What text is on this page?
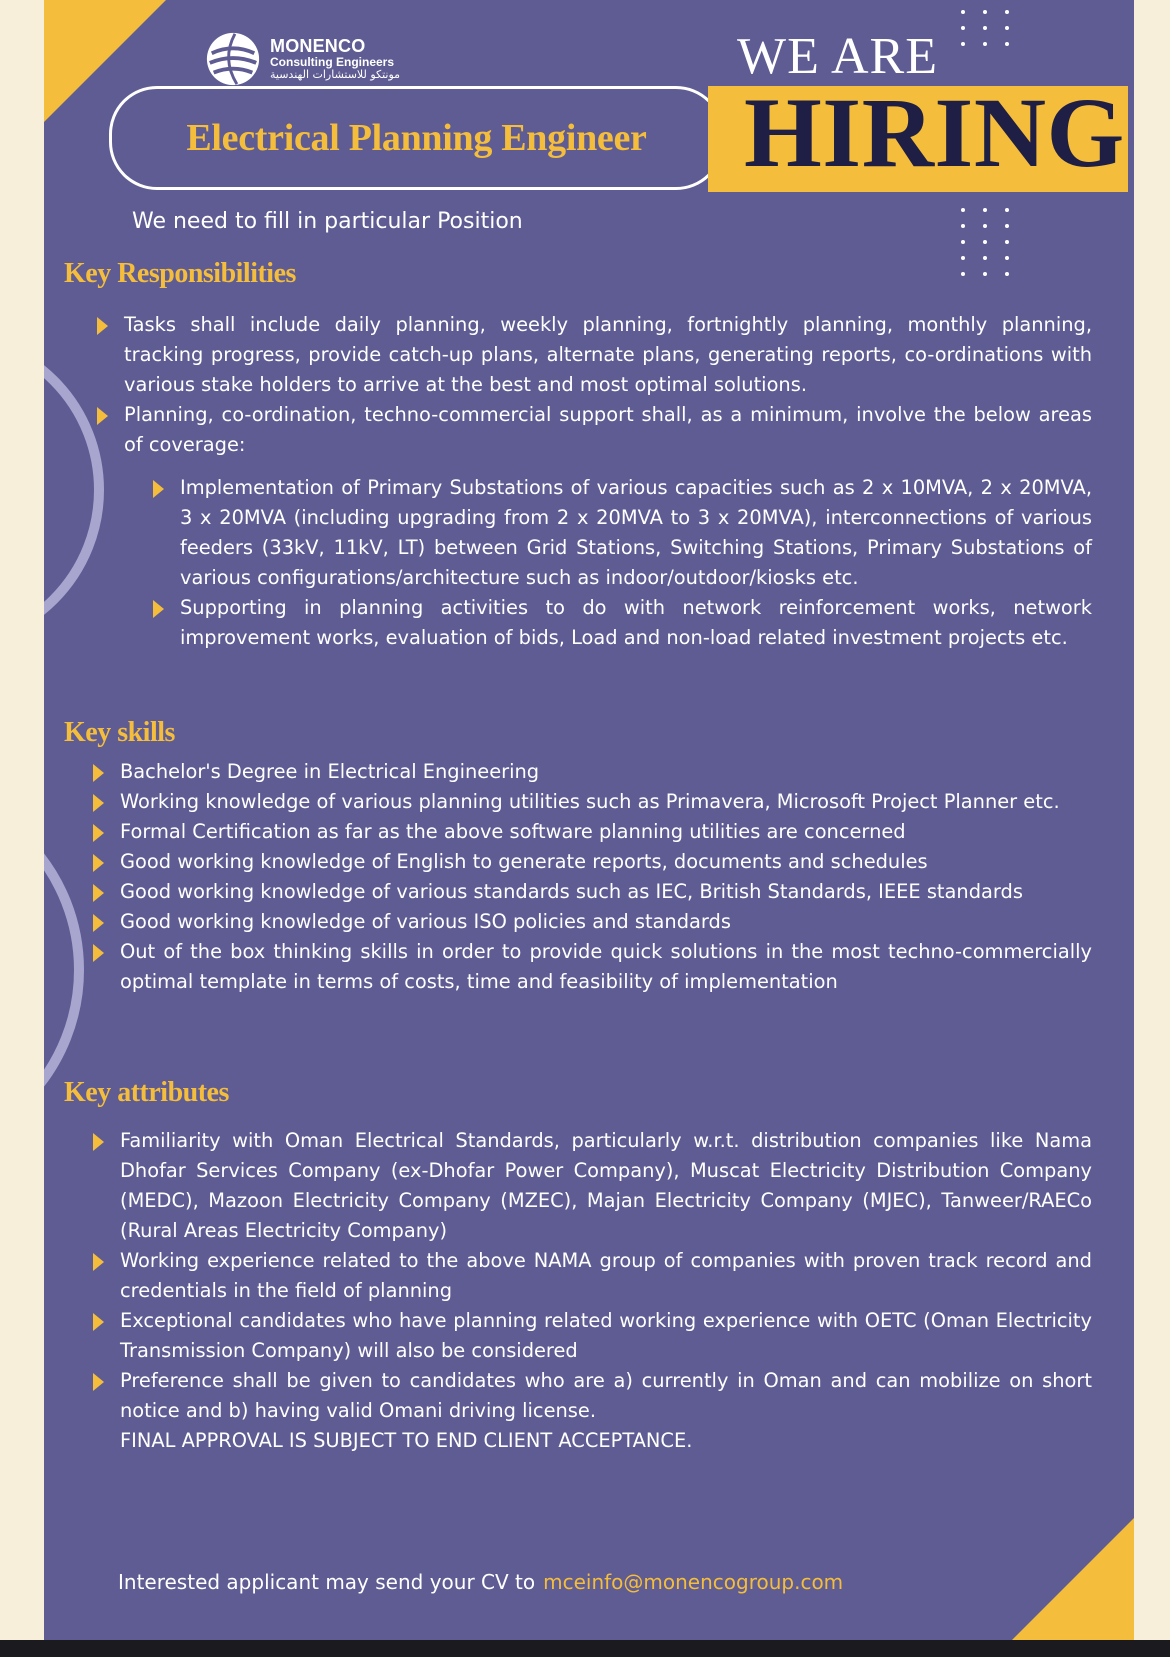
MONENCO
Consulting Engineers
مونتكو للاستشارات الهندسية
Electrical Planning Engineer
WE ARE
HIRING
We need to fill in particular Position
Key Responsibilities
Tasks shall include daily planning, weekly planning, fortnightly planning, monthly planning, tracking progress, provide catch-up plans, alternate plans, generating reports, co-ordinations with various stake holders to arrive at the best and most optimal solutions.
Planning, co-ordination, techno-commercial support shall, as a minimum, involve the below areas of coverage:
Implementation of Primary Substations of various capacities such as 2 x 10MVA, 2 x 20MVA, 3 x 20MVA (including upgrading from 2 x 20MVA to 3 x 20MVA), interconnections of various feeders (33kV, 11kV, LT) between Grid Stations, Switching Stations, Primary Substations of various configurations/architecture such as indoor/outdoor/kiosks etc.
Supporting in planning activities to do with network reinforcement works, network improvement works, evaluation of bids, Load and non-load related investment projects etc.
Key skills
Bachelor's Degree in Electrical Engineering
Working knowledge of various planning utilities such as Primavera, Microsoft Project Planner etc.
Formal Certification as far as the above software planning utilities are concerned
Good working knowledge of English to generate reports, documents and schedules
Good working knowledge of various standards such as IEC, British Standards, IEEE standards
Good working knowledge of various ISO policies and standards
Out of the box thinking skills in order to provide quick solutions in the most techno-commercially optimal template in terms of costs, time and feasibility of implementation
Key attributes
Familiarity with Oman Electrical Standards, particularly w.r.t. distribution companies like Nama Dhofar Services Company (ex-Dhofar Power Company), Muscat Electricity Distribution Company (MEDC), Mazoon Electricity Company (MZEC), Majan Electricity Company (MJEC), Tanweer/RAECo (Rural Areas Electricity Company)
Working experience related to the above NAMA group of companies with proven track record and credentials in the field of planning
Exceptional candidates who have planning related working experience with OETC (Oman Electricity Transmission Company) will also be considered
Preference shall be given to candidates who are a) currently in Oman and can mobilize on short notice and b) having valid Omani driving license.
FINAL APPROVAL IS SUBJECT TO END CLIENT ACCEPTANCE.
Interested applicant may send your CV to mceinfo@monencogroup.com
